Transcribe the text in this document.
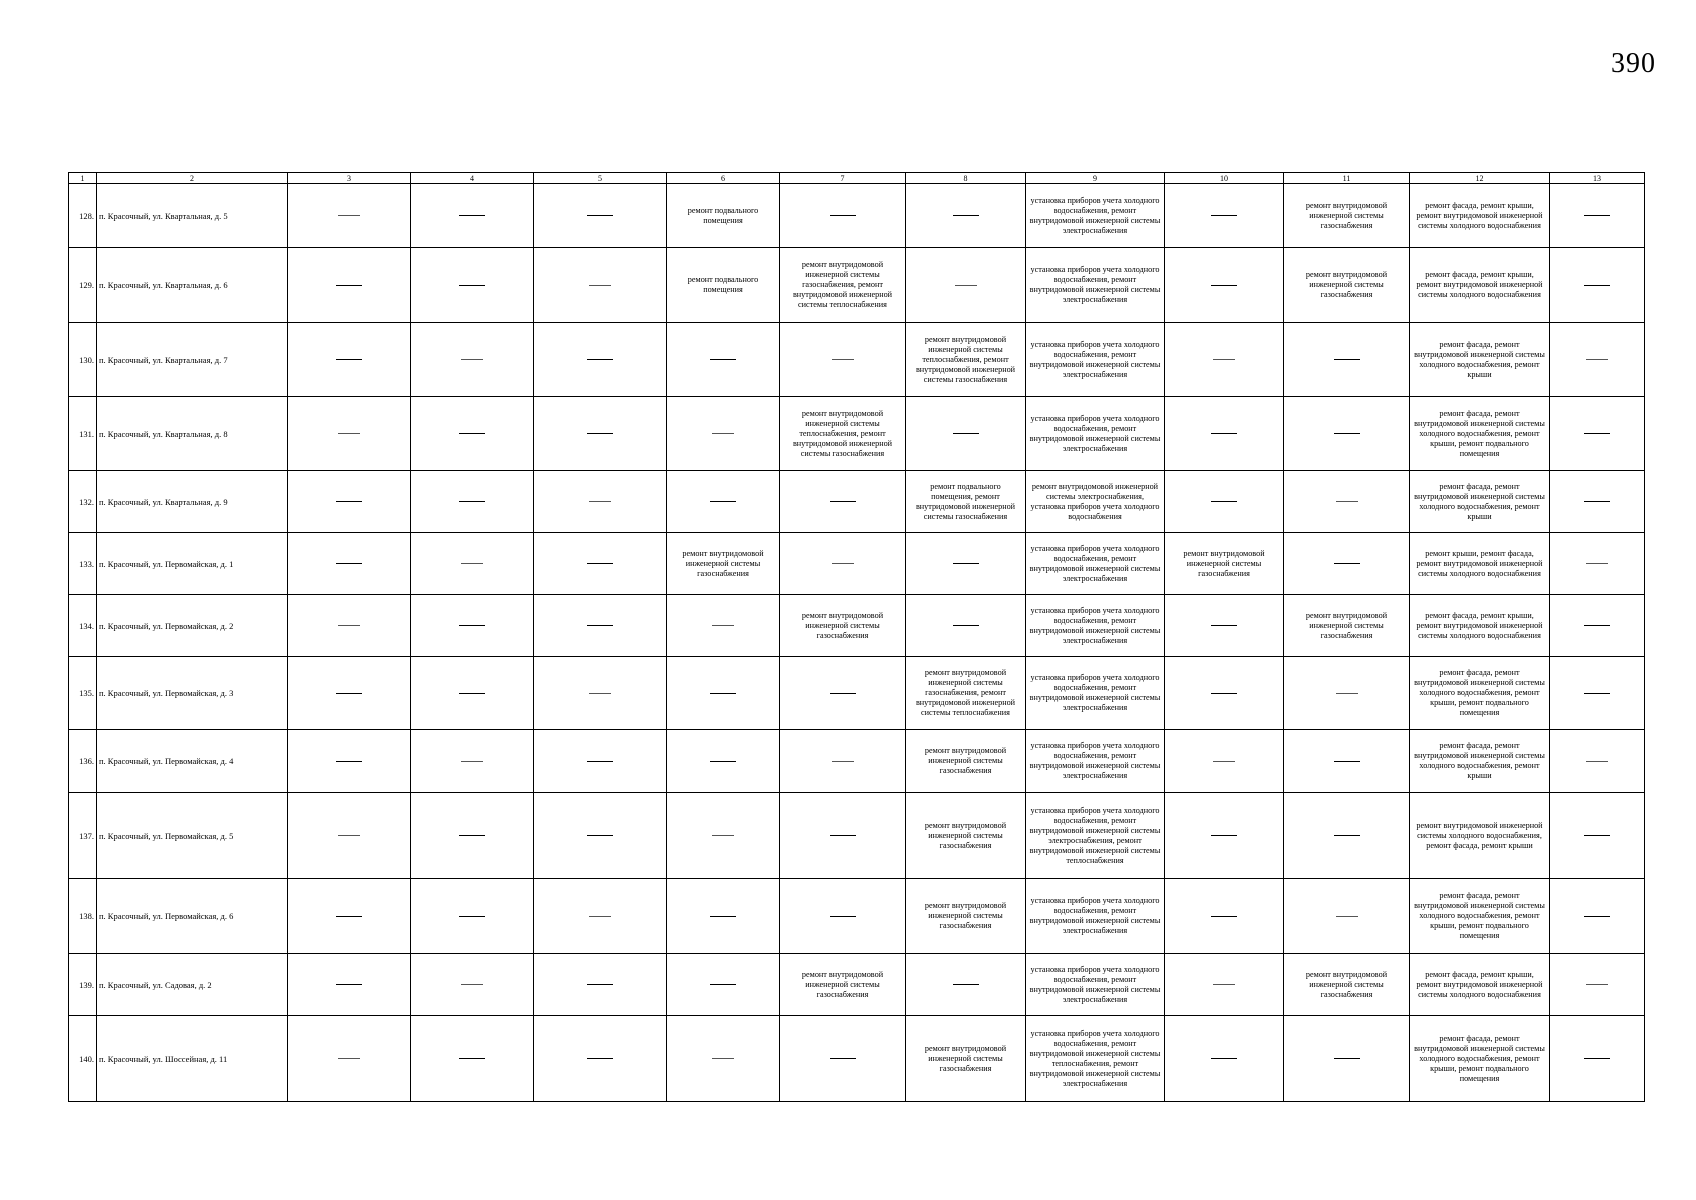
390
1	2	3	4	5	6	7	8	9	10	11	12	13
128.	п. Красочный, ул. Квартальная, д. 5				ремонт подвального помещения			установка приборов учета холодного водоснабжения, ремонт внутридомовой инженерной системы электроснабжения		ремонт внутридомовой инженерной системы газоснабжения	ремонт фасада, ремонт крыши, ремонт внутридомовой инженерной системы холодного водоснабжения	
129.	п. Красочный, ул. Квартальная, д. 6				ремонт подвального помещения	ремонт внутридомовой инженерной системы газоснабжения, ремонт внутридомовой инженерной системы теплоснабжения		установка приборов учета холодного водоснабжения, ремонт внутридомовой инженерной системы электроснабжения		ремонт внутридомовой инженерной системы газоснабжения	ремонт фасада, ремонт крыши, ремонт внутридомовой инженерной системы холодного водоснабжения	
130.	п. Красочный, ул. Квартальная, д. 7						ремонт внутридомовой инженерной системы теплоснабжения, ремонт внутридомовой инженерной системы газоснабжения	установка приборов учета холодного водоснабжения, ремонт внутридомовой инженерной системы электроснабжения			ремонт фасада, ремонт внутридомовой инженерной системы холодного водоснабжения, ремонт крыши	
131.	п. Красочный, ул. Квартальная, д. 8					ремонт внутридомовой инженерной системы теплоснабжения, ремонт внутридомовой инженерной системы газоснабжения		установка приборов учета холодного водоснабжения, ремонт внутридомовой инженерной системы электроснабжения			ремонт фасада, ремонт внутридомовой инженерной системы холодного водоснабжения, ремонт крыши, ремонт подвального помещения	
132.	п. Красочный, ул. Квартальная, д. 9						ремонт подвального помещения, ремонт внутридомовой инженерной системы газоснабжения	ремонт внутридомовой инженерной системы электроснабжения, установка приборов учета холодного водоснабжения			ремонт фасада, ремонт внутридомовой инженерной системы холодного водоснабжения, ремонт крыши	
133.	п. Красочный, ул. Первомайская, д. 1				ремонт внутридомовой инженерной системы газоснабжения			установка приборов учета холодного водоснабжения, ремонт внутридомовой инженерной системы электроснабжения	ремонт внутридомовой инженерной системы газоснабжения		ремонт крыши, ремонт фасада, ремонт внутридомовой инженерной системы холодного водоснабжения	
134.	п. Красочный, ул. Первомайская, д. 2					ремонт внутридомовой инженерной системы газоснабжения		установка приборов учета холодного водоснабжения, ремонт внутридомовой инженерной системы электроснабжения		ремонт внутридомовой инженерной системы газоснабжения	ремонт фасада, ремонт крыши, ремонт внутридомовой инженерной системы холодного водоснабжения	
135.	п. Красочный, ул. Первомайская, д. 3						ремонт внутридомовой инженерной системы газоснабжения, ремонт внутридомовой инженерной системы теплоснабжения	установка приборов учета холодного водоснабжения, ремонт внутридомовой инженерной системы электроснабжения			ремонт фасада, ремонт внутридомовой инженерной системы холодного водоснабжения, ремонт крыши, ремонт подвального помещения	
136.	п. Красочный, ул. Первомайская, д. 4						ремонт внутридомовой инженерной системы газоснабжения	установка приборов учета холодного водоснабжения, ремонт внутридомовой инженерной системы электроснабжения			ремонт фасада, ремонт внутридомовой инженерной системы холодного водоснабжения, ремонт крыши	
137.	п. Красочный, ул. Первомайская, д. 5						ремонт внутридомовой инженерной системы газоснабжения	установка приборов учета холодного водоснабжения, ремонт внутридомовой инженерной системы электроснабжения, ремонт внутридомовой инженерной системы теплоснабжения			ремонт внутридомовой инженерной системы холодного водоснабжения, ремонт фасада, ремонт крыши	
138.	п. Красочный, ул. Первомайская, д. 6						ремонт внутридомовой инженерной системы газоснабжения	установка приборов учета холодного водоснабжения, ремонт внутридомовой инженерной системы электроснабжения			ремонт фасада, ремонт внутридомовой инженерной системы холодного водоснабжения, ремонт крыши, ремонт подвального помещения	
139.	п. Красочный, ул. Садовая, д. 2					ремонт внутридомовой инженерной системы газоснабжения		установка приборов учета холодного водоснабжения, ремонт внутридомовой инженерной системы электроснабжения		ремонт внутридомовой инженерной системы газоснабжения	ремонт фасада, ремонт крыши, ремонт внутридомовой инженерной системы холодного водоснабжения	
140.	п. Красочный, ул. Шоссейная, д. 11						ремонт внутридомовой инженерной системы газоснабжения	установка приборов учета холодного водоснабжения, ремонт внутридомовой инженерной системы теплоснабжения, ремонт внутридомовой инженерной системы электроснабжения			ремонт фасада, ремонт внутридомовой инженерной системы холодного водоснабжения, ремонт крыши, ремонт подвального помещения	
